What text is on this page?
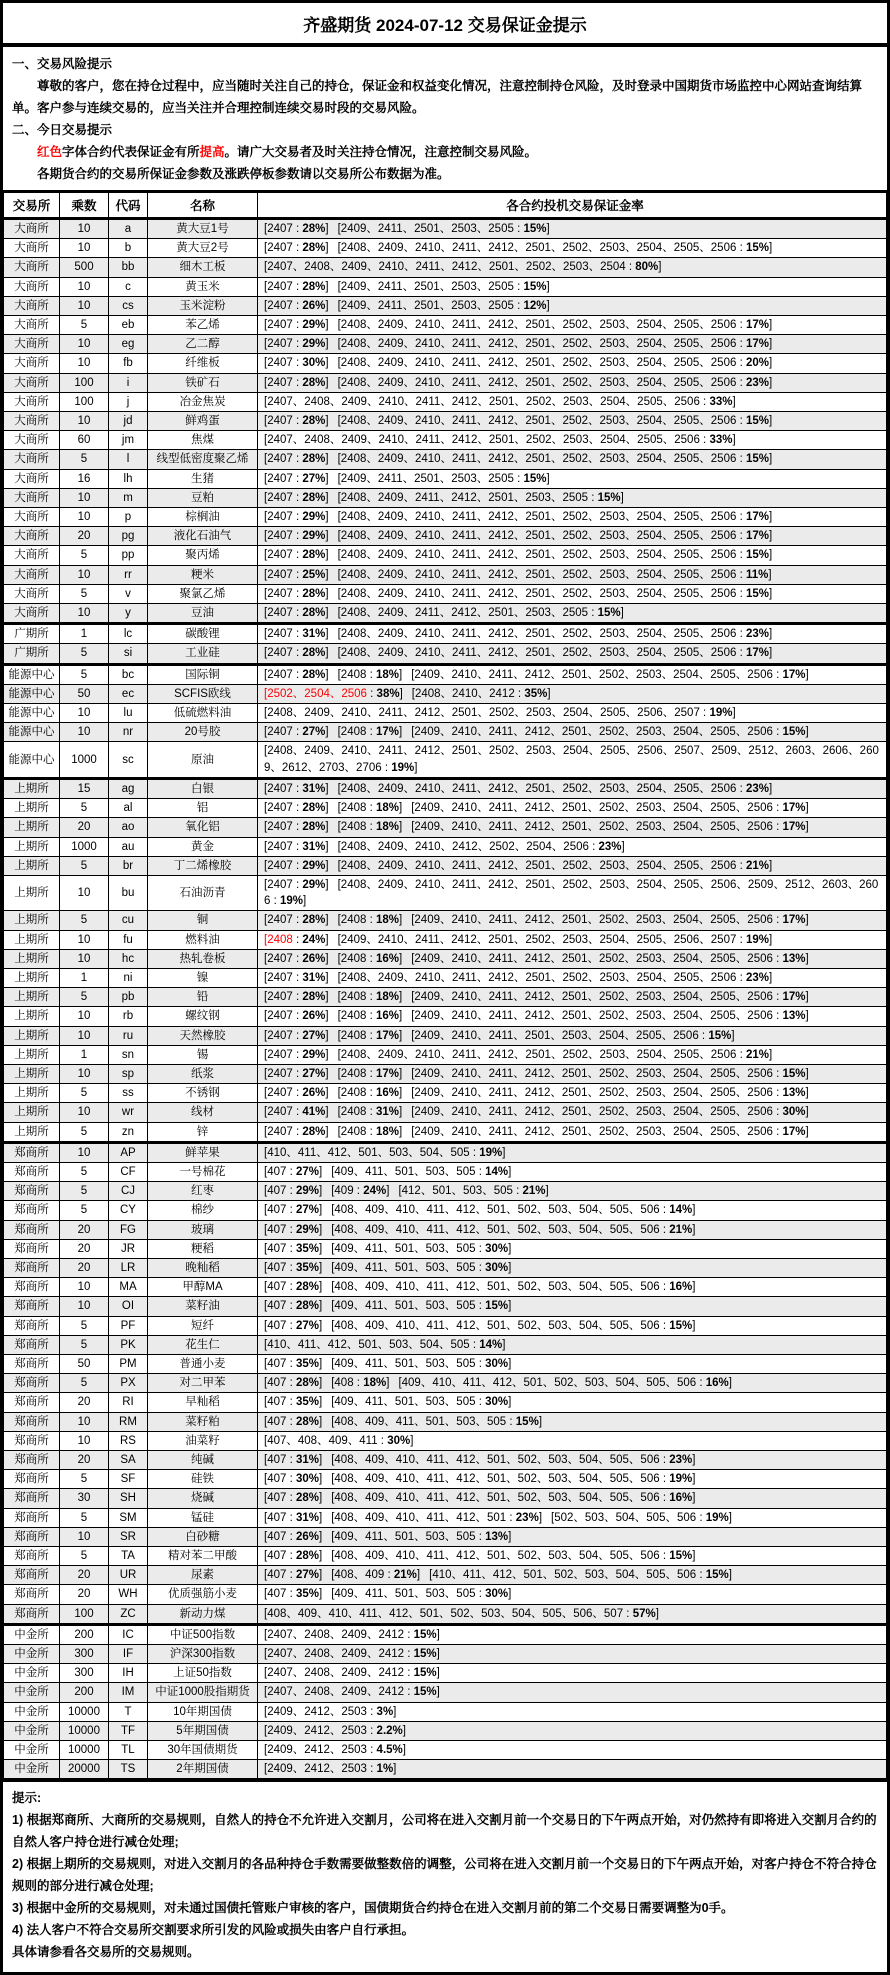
齐盛期货 2024-07-12 交易保证金提示

一、交易风险提示

尊敬的客户，您在持仓过程中，应当随时关注自己的持仓，保证金和权益变化情况，注意控制持仓风险，及时登录中国期货市场监控中心网站查询结算单。客户参与连续交易的，应当关注并合理控制连续交易时段的交易风险。

二、今日交易提示

红色字体合约代表保证金有所提高。请广大交易者及时关注持仓情况，注意控制交易风险。

各期货合约的交易所保证金参数及涨跌停板参数请以交易所公布数据为准。

交易所	乘数	代码	名称	各合约投机交易保证金率
大商所	10	a	黄大豆1号	[2407 : 28%] [2409、2411、2501、2503、2505 : 15%]
大商所	10	b	黄大豆2号	[2407 : 28%] [2408、2409、2410、2411、2412、2501、2502、2503、2504、2505、2506 : 15%]
大商所	500	bb	细木工板	[2407、2408、2409、2410、2411、2412、2501、2502、2503、2504 : 80%]
大商所	10	c	黄玉米	[2407 : 28%] [2409、2411、2501、2503、2505 : 15%]
大商所	10	cs	玉米淀粉	[2407 : 26%] [2409、2411、2501、2503、2505 : 12%]
大商所	5	eb	苯乙烯	[2407 : 29%] [2408、2409、2410、2411、2412、2501、2502、2503、2504、2505、2506 : 17%]
大商所	10	eg	乙二醇	[2407 : 29%] [2408、2409、2410、2411、2412、2501、2502、2503、2504、2505、2506 : 17%]
大商所	10	fb	纤维板	[2407 : 30%] [2408、2409、2410、2411、2412、2501、2502、2503、2504、2505、2506 : 20%]
大商所	100	i	铁矿石	[2407 : 28%] [2408、2409、2410、2411、2412、2501、2502、2503、2504、2505、2506 : 23%]
大商所	100	j	冶金焦炭	[2407、2408、2409、2410、2411、2412、2501、2502、2503、2504、2505、2506 : 33%]
大商所	10	jd	鲜鸡蛋	[2407 : 28%] [2408、2409、2410、2411、2412、2501、2502、2503、2504、2505、2506 : 15%]
大商所	60	jm	焦煤	[2407、2408、2409、2410、2411、2412、2501、2502、2503、2504、2505、2506 : 33%]
大商所	5	l	线型低密度聚乙烯	[2407 : 28%] [2408、2409、2410、2411、2412、2501、2502、2503、2504、2505、2506 : 15%]
大商所	16	lh	生猪	[2407 : 27%] [2409、2411、2501、2503、2505 : 15%]
大商所	10	m	豆粕	[2407 : 28%] [2408、2409、2411、2412、2501、2503、2505 : 15%]
大商所	10	p	棕榈油	[2407 : 29%] [2408、2409、2410、2411、2412、2501、2502、2503、2504、2505、2506 : 17%]
大商所	20	pg	液化石油气	[2407 : 29%] [2408、2409、2410、2411、2412、2501、2502、2503、2504、2505、2506 : 17%]
大商所	5	pp	聚丙烯	[2407 : 28%] [2408、2409、2410、2411、2412、2501、2502、2503、2504、2505、2506 : 15%]
大商所	10	rr	粳米	[2407 : 25%] [2408、2409、2410、2411、2412、2501、2502、2503、2504、2505、2506 : 11%]
大商所	5	v	聚氯乙烯	[2407 : 28%] [2408、2409、2410、2411、2412、2501、2502、2503、2504、2505、2506 : 15%]
大商所	10	y	豆油	[2407 : 28%] [2408、2409、2411、2412、2501、2503、2505 : 15%]
广期所	1	lc	碳酸锂	[2407 : 31%] [2408、2409、2410、2411、2412、2501、2502、2503、2504、2505、2506 : 23%]
广期所	5	si	工业硅	[2407 : 28%] [2408、2409、2410、2411、2412、2501、2502、2503、2504、2505、2506 : 17%]
能源中心	5	bc	国际铜	[2407 : 28%] [2408 : 18%] [2409、2410、2411、2412、2501、2502、2503、2504、2505、2506 : 17%]
能源中心	50	ec	SCFIS欧线	[2502、2504、2506 : 38%] [2408、2410、2412 : 35%]
能源中心	10	lu	低硫燃料油	[2408、2409、2410、2411、2412、2501、2502、2503、2504、2505、2506、2507 : 19%]
能源中心	10	nr	20号胶	[2407 : 27%] [2408 : 17%] [2409、2410、2411、2412、2501、2502、2503、2504、2505、2506 : 15%]
能源中心	1000	sc	原油	[2408、2409、2410、2411、2412、2501、2502、2503、2504、2505、2506、2507、2509、2512、2603、2606、2609、2612、2703、2706 : 19%]
上期所	15	ag	白银	[2407 : 31%] [2408、2409、2410、2411、2412、2501、2502、2503、2504、2505、2506 : 23%]
上期所	5	al	铝	[2407 : 28%] [2408 : 18%] [2409、2410、2411、2412、2501、2502、2503、2504、2505、2506 : 17%]
上期所	20	ao	氧化铝	[2407 : 28%] [2408 : 18%] [2409、2410、2411、2412、2501、2502、2503、2504、2505、2506 : 17%]
上期所	1000	au	黄金	[2407 : 31%] [2408、2409、2410、2412、2502、2504、2506 : 23%]
上期所	5	br	丁二烯橡胶	[2407 : 29%] [2408、2409、2410、2411、2412、2501、2502、2503、2504、2505、2506 : 21%]
上期所	10	bu	石油沥青	[2407 : 29%] [2408、2409、2410、2411、2412、2501、2502、2503、2504、2505、2506、2509、2512、2603、2606 : 19%]
上期所	5	cu	铜	[2407 : 28%] [2408 : 18%] [2409、2410、2411、2412、2501、2502、2503、2504、2505、2506 : 17%]
上期所	10	fu	燃料油	[2408 : 24%] [2409、2410、2411、2412、2501、2502、2503、2504、2505、2506、2507 : 19%]
上期所	10	hc	热轧卷板	[2407 : 26%] [2408 : 16%] [2409、2410、2411、2412、2501、2502、2503、2504、2505、2506 : 13%]
上期所	1	ni	镍	[2407 : 31%] [2408、2409、2410、2411、2412、2501、2502、2503、2504、2505、2506 : 23%]
上期所	5	pb	铅	[2407 : 28%] [2408 : 18%] [2409、2410、2411、2412、2501、2502、2503、2504、2505、2506 : 17%]
上期所	10	rb	螺纹钢	[2407 : 26%] [2408 : 16%] [2409、2410、2411、2412、2501、2502、2503、2504、2505、2506 : 13%]
上期所	10	ru	天然橡胶	[2407 : 27%] [2408 : 17%] [2409、2410、2411、2501、2503、2504、2505、2506 : 15%]
上期所	1	sn	锡	[2407 : 29%] [2408、2409、2410、2411、2412、2501、2502、2503、2504、2505、2506 : 21%]
上期所	10	sp	纸浆	[2407 : 27%] [2408 : 17%] [2409、2410、2411、2412、2501、2502、2503、2504、2505、2506 : 15%]
上期所	5	ss	不锈钢	[2407 : 26%] [2408 : 16%] [2409、2410、2411、2412、2501、2502、2503、2504、2505、2506 : 13%]
上期所	10	wr	线材	[2407 : 41%] [2408 : 31%] [2409、2410、2411、2412、2501、2502、2503、2504、2505、2506 : 30%]
上期所	5	zn	锌	[2407 : 28%] [2408 : 18%] [2409、2410、2411、2412、2501、2502、2503、2504、2505、2506 : 17%]
郑商所	10	AP	鲜苹果	[410、411、412、501、503、504、505 : 19%]
郑商所	5	CF	一号棉花	[407 : 27%] [409、411、501、503、505 : 14%]
郑商所	5	CJ	红枣	[407 : 29%] [409 : 24%] [412、501、503、505 : 21%]
郑商所	5	CY	棉纱	[407 : 27%] [408、409、410、411、412、501、502、503、504、505、506 : 14%]
郑商所	20	FG	玻璃	[407 : 29%] [408、409、410、411、412、501、502、503、504、505、506 : 21%]
郑商所	20	JR	粳稻	[407 : 35%] [409、411、501、503、505 : 30%]
郑商所	20	LR	晚籼稻	[407 : 35%] [409、411、501、503、505 : 30%]
郑商所	10	MA	甲醇MA	[407 : 28%] [408、409、410、411、412、501、502、503、504、505、506 : 16%]
郑商所	10	OI	菜籽油	[407 : 28%] [409、411、501、503、505 : 15%]
郑商所	5	PF	短纤	[407 : 27%] [408、409、410、411、412、501、502、503、504、505、506 : 15%]
郑商所	5	PK	花生仁	[410、411、412、501、503、504、505 : 14%]
郑商所	50	PM	普通小麦	[407 : 35%] [409、411、501、503、505 : 30%]
郑商所	5	PX	对二甲苯	[407 : 28%] [408 : 18%] [409、410、411、412、501、502、503、504、505、506 : 16%]
郑商所	20	RI	早籼稻	[407 : 35%] [409、411、501、503、505 : 30%]
郑商所	10	RM	菜籽粕	[407 : 28%] [408、409、411、501、503、505 : 15%]
郑商所	10	RS	油菜籽	[407、408、409、411 : 30%]
郑商所	20	SA	纯碱	[407 : 31%] [408、409、410、411、412、501、502、503、504、505、506 : 23%]
郑商所	5	SF	硅铁	[407 : 30%] [408、409、410、411、412、501、502、503、504、505、506 : 19%]
郑商所	30	SH	烧碱	[407 : 28%] [408、409、410、411、412、501、502、503、504、505、506 : 16%]
郑商所	5	SM	锰硅	[407 : 31%] [408、409、410、411、412、501 : 23%] [502、503、504、505、506 : 19%]
郑商所	10	SR	白砂糖	[407 : 26%] [409、411、501、503、505 : 13%]
郑商所	5	TA	精对苯二甲酸	[407 : 28%] [408、409、410、411、412、501、502、503、504、505、506 : 15%]
郑商所	20	UR	尿素	[407 : 27%] [408、409 : 21%] [410、411、412、501、502、503、504、505、506 : 15%]
郑商所	20	WH	优质强筋小麦	[407 : 35%] [409、411、501、503、505 : 30%]
郑商所	100	ZC	新动力煤	[408、409、410、411、412、501、502、503、504、505、506、507 : 57%]
中金所	200	IC	中证500指数	[2407、2408、2409、2412 : 15%]
中金所	300	IF	沪深300指数	[2407、2408、2409、2412 : 15%]
中金所	300	IH	上证50指数	[2407、2408、2409、2412 : 15%]
中金所	200	IM	中证1000股指期货	[2407、2408、2409、2412 : 15%]
中金所	10000	T	10年期国债	[2409、2412、2503 : 3%]
中金所	10000	TF	5年期国债	[2409、2412、2503 : 2.2%]
中金所	10000	TL	30年国债期货	[2409、2412、2503 : 4.5%]
中金所	20000	TS	2年期国债	[2409、2412、2503 : 1%]

提示:

1) 根据郑商所、大商所的交易规则，自然人的持仓不允许进入交割月，公司将在进入交割月前一个交易日的下午两点开始，对仍然持有即将进入交割月合约的自然人客户持仓进行减仓处理;

2) 根据上期所的交易规则，对进入交割月的各品种持仓手数需要做整数倍的调整，公司将在进入交割月前一个交易日的下午两点开始，对客户持仓不符合持仓规则的部分进行减仓处理;

3) 根据中金所的交易规则，对未通过国债托管账户审核的客户，国债期货合约持仓在进入交割月前的第二个交易日需要调整为0手。

4) 法人客户不符合交易所交割要求所引发的风险或损失由客户自行承担。

具体请参看各交易所的交易规则。
